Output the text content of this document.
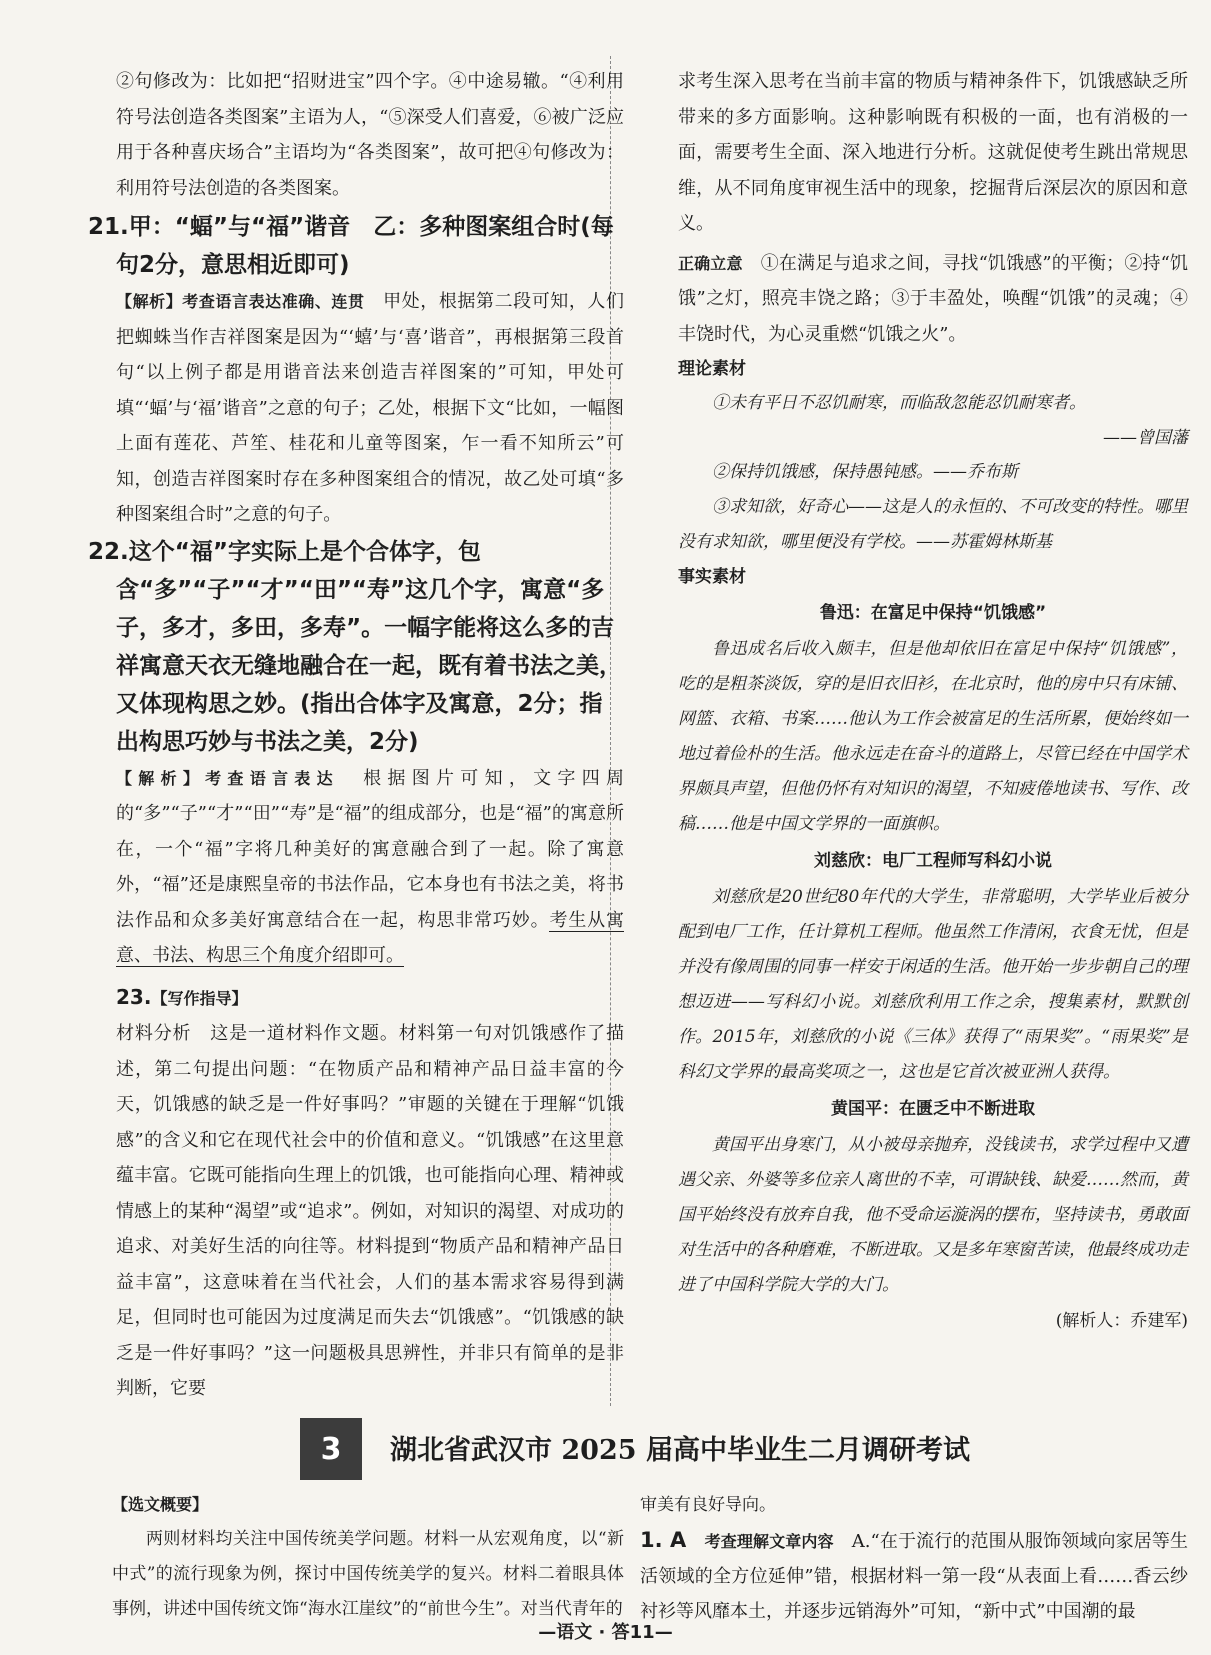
②句修改为：比如把“招财进宝”四个字。④中途易辙。“④利用符号法创造各类图案”主语为人，“⑤深受人们喜爱，⑥被广泛应用于各种喜庆场合”主语均为“各类图案”，故可把④句修改为：利用符号法创造的各类图案。

21.甲：“蝠”与“福”谐音　乙：多种图案组合时(每句2分，意思相近即可)

【解析】考查语言表达准确、连贯　甲处，根据第二段可知，人们把蜘蛛当作吉祥图案是因为“‘蟢’与‘喜’谐音”，再根据第三段首句“以上例子都是用谐音法来创造吉祥图案的”可知，甲处可填“‘蝠’与‘福’谐音”之意的句子；乙处，根据下文“比如，一幅图上面有莲花、芦笙、桂花和儿童等图案，乍一看不知所云”可知，创造吉祥图案时存在多种图案组合的情况，故乙处可填“多种图案组合时”之意的句子。

22.这个“福”字实际上是个合体字，包含“多”“子”“才”“田”“寿”这几个字，寓意“多子，多才，多田，多寿”。一幅字能将这么多的吉祥寓意天衣无缝地融合在一起，既有着书法之美，又体现构思之妙。(指出合体字及寓意，2分；指出构思巧妙与书法之美，2分)

【解析】考查语言表达　根据图片可知，文字四周的“多”“子”“才”“田”“寿”是“福”的组成部分，也是“福”的寓意所在，一个“福”字将几种美好的寓意融合到了一起。除了寓意外，“福”还是康熙皇帝的书法作品，它本身也有书法之美，将书法作品和众多美好寓意结合在一起，构思非常巧妙。考生从寓意、书法、构思三个角度介绍即可。

23.【写作指导】

材料分析　这是一道材料作文题。材料第一句对饥饿感作了描述，第二句提出问题：“在物质产品和精神产品日益丰富的今天，饥饿感的缺乏是一件好事吗？”审题的关键在于理解“饥饿感”的含义和它在现代社会中的价值和意义。“饥饿感”在这里意蕴丰富。它既可能指向生理上的饥饿，也可能指向心理、精神或情感上的某种“渴望”或“追求”。例如，对知识的渴望、对成功的追求、对美好生活的向往等。材料提到“物质产品和精神产品日益丰富”，这意味着在当代社会，人们的基本需求容易得到满足，但同时也可能因为过度满足而失去“饥饿感”。“饥饿感的缺乏是一件好事吗？”这一问题极具思辨性，并非只有简单的是非判断，它要

求考生深入思考在当前丰富的物质与精神条件下，饥饿感缺乏所带来的多方面影响。这种影响既有积极的一面，也有消极的一面，需要考生全面、深入地进行分析。这就促使考生跳出常规思维，从不同角度审视生活中的现象，挖掘背后深层次的原因和意义。

正确立意　①在满足与追求之间，寻找“饥饿感”的平衡；②持“饥饿”之灯，照亮丰饶之路；③于丰盈处，唤醒“饥饿”的灵魂；④丰饶时代，为心灵重燃“饥饿之火”。

理论素材

①未有平日不忍饥耐寒，而临敌忽能忍饥耐寒者。

——曾国藩

②保持饥饿感，保持愚钝感。——乔布斯

③求知欲，好奇心——这是人的永恒的、不可改变的特性。哪里没有求知欲，哪里便没有学校。——苏霍姆林斯基

事实素材

鲁迅：在富足中保持“饥饿感”

鲁迅成名后收入颇丰，但是他却依旧在富足中保持“饥饿感”，吃的是粗茶淡饭，穿的是旧衣旧衫，在北京时，他的房中只有床铺、网篮、衣箱、书案……他认为工作会被富足的生活所累，便始终如一地过着俭朴的生活。他永远走在奋斗的道路上，尽管已经在中国学术界颇具声望，但他仍怀有对知识的渴望，不知疲倦地读书、写作、改稿……他是中国文学界的一面旗帜。

刘慈欣：电厂工程师写科幻小说

刘慈欣是20世纪80年代的大学生，非常聪明，大学毕业后被分配到电厂工作，任计算机工程师。他虽然工作清闲，衣食无忧，但是并没有像周围的同事一样安于闲适的生活。他开始一步步朝自己的理想迈进——写科幻小说。刘慈欣利用工作之余，搜集素材，默默创作。2015年，刘慈欣的小说《三体》获得了“雨果奖”。“雨果奖”是科幻文学界的最高奖项之一，这也是它首次被亚洲人获得。

黄国平：在匮乏中不断进取

黄国平出身寒门，从小被母亲抛弃，没钱读书，求学过程中又遭遇父亲、外婆等多位亲人离世的不幸，可谓缺钱、缺爱……然而，黄国平始终没有放弃自我，他不受命运漩涡的摆布，坚持读书，勇敢面对生活中的各种磨难，不断进取。又是多年寒窗苦读，他最终成功走进了中国科学院大学的大门。

(解析人：乔建军)

3	湖北省武汉市 2025 届高中毕业生二月调研考试

【选文概要】

两则材料均关注中国传统美学问题。材料一从宏观角度，以“新中式”的流行现象为例，探讨中国传统美学的复兴。材料二着眼具体事例，讲述中国传统文饰“海水江崖纹”的“前世今生”。对当代青年的

审美有良好导向。

1. A　 考查理解文章内容　A.“在于流行的范围从服饰领域向家居等生活领域的全方位延伸”错，根据材料一第一段“从表面上看……香云纱衬衫等风靡本土，并逐步远销海外”可知，“新中式”中国潮的最

—语文 · 答11—
